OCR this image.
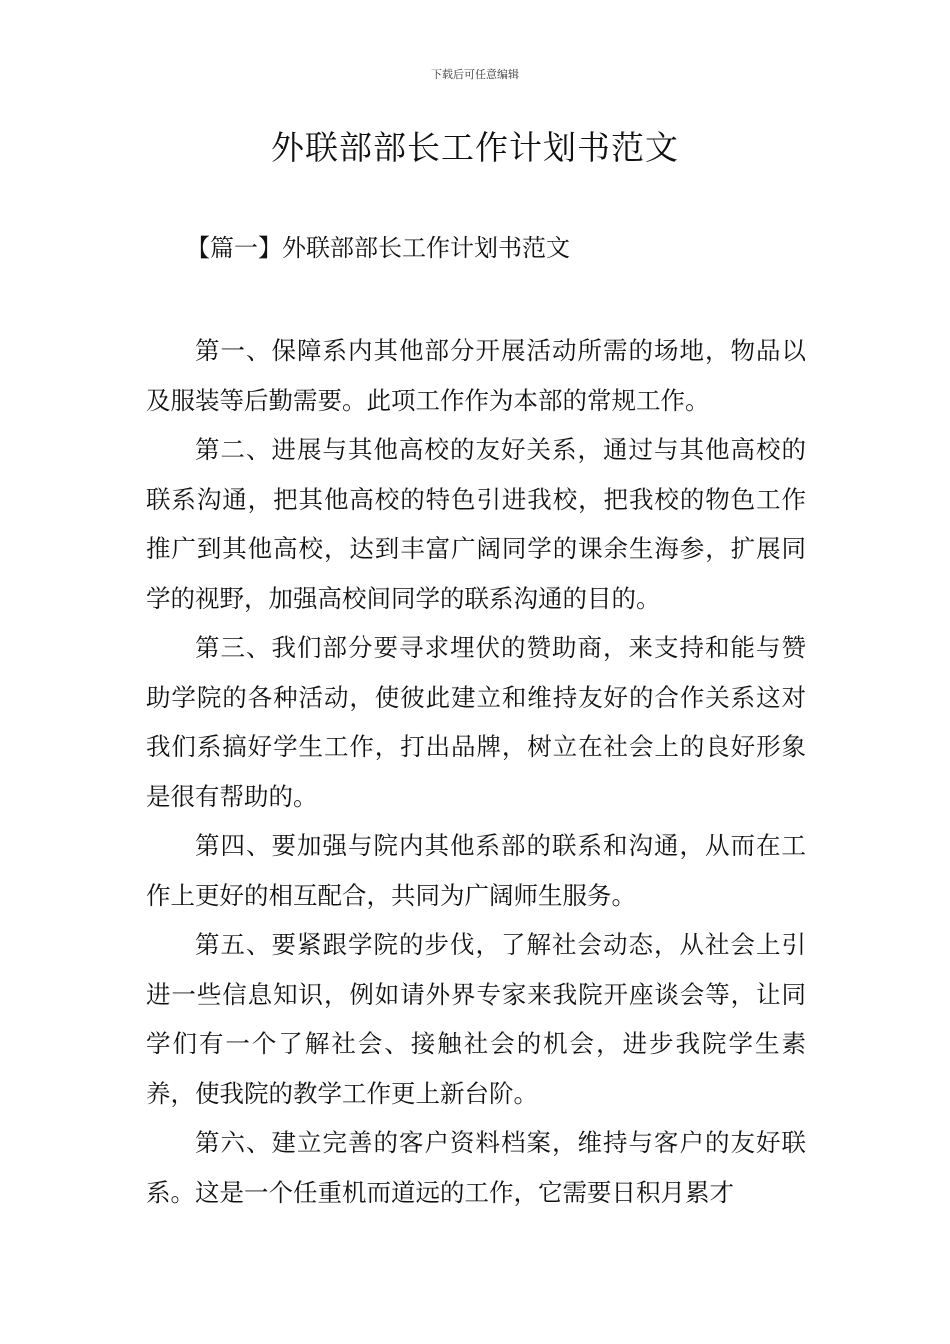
下载后可任意编辑
外联部部长工作计划书范文
【篇一】外联部部长工作计划书范文

第一、保障系内其他部分开展活动所需的场地，物品以及服装等后勤需要。此项工作作为本部的常规工作。

第二、进展与其他高校的友好关系，通过与其他高校的联系沟通，把其他高校的特色引进我校，把我校的物色工作推广到其他高校，达到丰富广阔同学的课余生海参，扩展同学的视野，加强高校间同学的联系沟通的目的。

第三、我们部分要寻求埋伏的赞助商，来支持和能与赞助学院的各种活动，使彼此建立和维持友好的合作关系这对我们系搞好学生工作，打出品牌，树立在社会上的良好形象是很有帮助的。

第四、要加强与院内其他系部的联系和沟通，从而在工作上更好的相互配合，共同为广阔师生服务。

第五、要紧跟学院的步伐，了解社会动态，从社会上引进一些信息知识，例如请外界专家来我院开座谈会等，让同学们有一个了解社会、接触社会的机会，进步我院学生素养，使我院的教学工作更上新台阶。

第六、建立完善的客户资料档案，维持与客户的友好联系。这是一个任重机而道远的工作，它需要日积月累才
